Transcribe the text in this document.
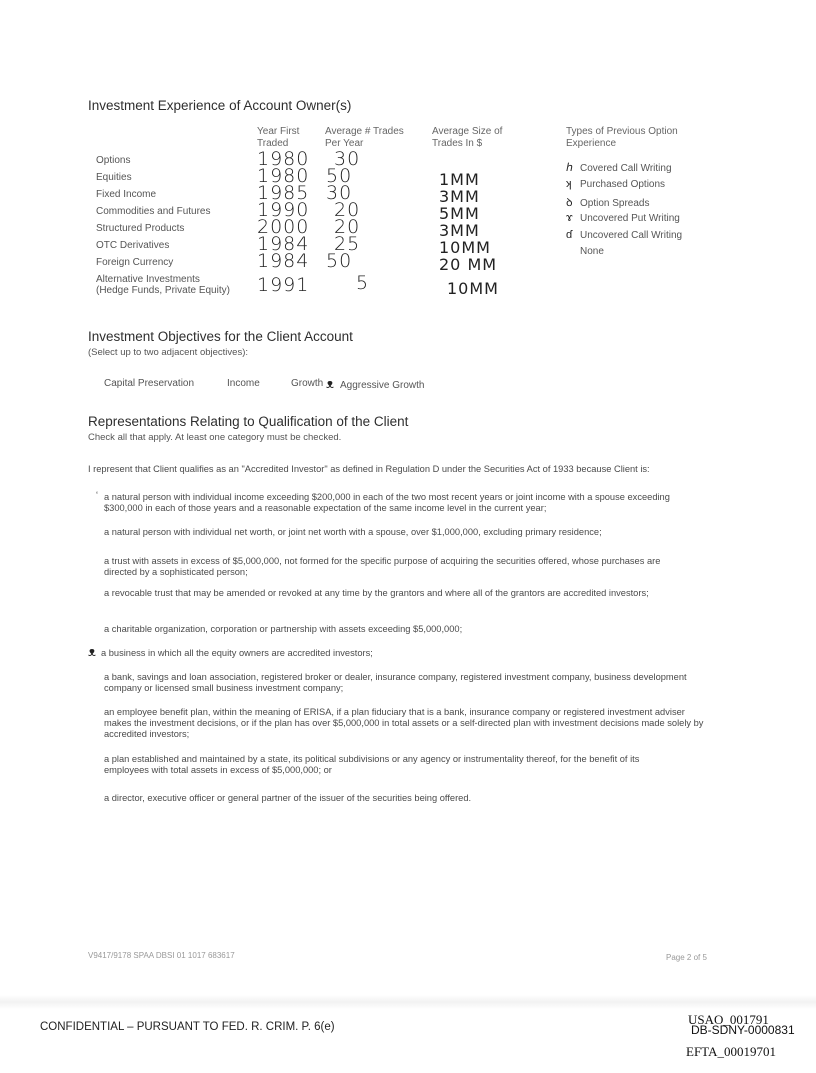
Investment Experience of Account Owner(s)
Year First Traded
Average # Trades Per Year
Average Size of Trades In $
Types of Previous Option Experience
Options	1980 30
Equities	1980 50	1MM
Fixed Income	1985 30	3MM
Commodities and Futures 1990 20	5MM
Structured Products	2000 20	3MM
OTC Derivatives	1984 25	10MM
Foreign Currency	1984 50	20 MM
Alternative Investments
(Hedge Funds, Private Equity) 1991 5	10MM
ℎ Covered Call Writing
ʞ Purchased Options
ꝺ Option Spreads
ɤ Uncovered Put Writing
ɗ Uncovered Call Writing
None
Investment Objectives for the Client Account
(Select up to two adjacent objectives):
Capital Preservation	Income	Growth ᴥ Aggressive Growth
Representations Relating to Qualification of the Client
Check all that apply. At least one category must be checked.
I represent that Client qualifies as an "Accredited Investor" as defined in Regulation D under the Securities Act of 1933 because Client is:
‘ a natural person with individual income exceeding $200,000 in each of the two most recent years or joint income with a spouse exceeding $300,000 in each of those years and a reasonable expectation of the same income level in the current year;
a natural person with individual net worth, or joint net worth with a spouse, over $1,000,000, excluding primary residence;
a trust with assets in excess of $5,000,000, not formed for the specific purpose of acquiring the securities offered, whose purchases are directed by a sophisticated person;
a revocable trust that may be amended or revoked at any time by the grantors and where all of the grantors are accredited investors;
a charitable organization, corporation or partnership with assets exceeding $5,000,000;
ᴥ a business in which all the equity owners are accredited investors;
a bank, savings and loan association, registered broker or dealer, insurance company, registered investment company, business development company or licensed small business investment company;
an employee benefit plan, within the meaning of ERISA, if a plan fiduciary that is a bank, insurance company or registered investment adviser makes the investment decisions, or if the plan has over $5,000,000 in total assets or a self-directed plan with investment decisions made solely by accredited investors;
a plan established and maintained by a state, its political subdivisions or any agency or instrumentality thereof, for the benefit of its employees with total assets in excess of $5,000,000; or
a director, executive officer or general partner of the issuer of the securities being offered.
V9417/9178 SPAA DBSI 01 1017 683617	Page 2 of 5
CONFIDENTIAL – PURSUANT TO FED. R. CRIM. P. 6(e)	USAO_001791
DB-SDNY-0000831
EFTA_00019701
